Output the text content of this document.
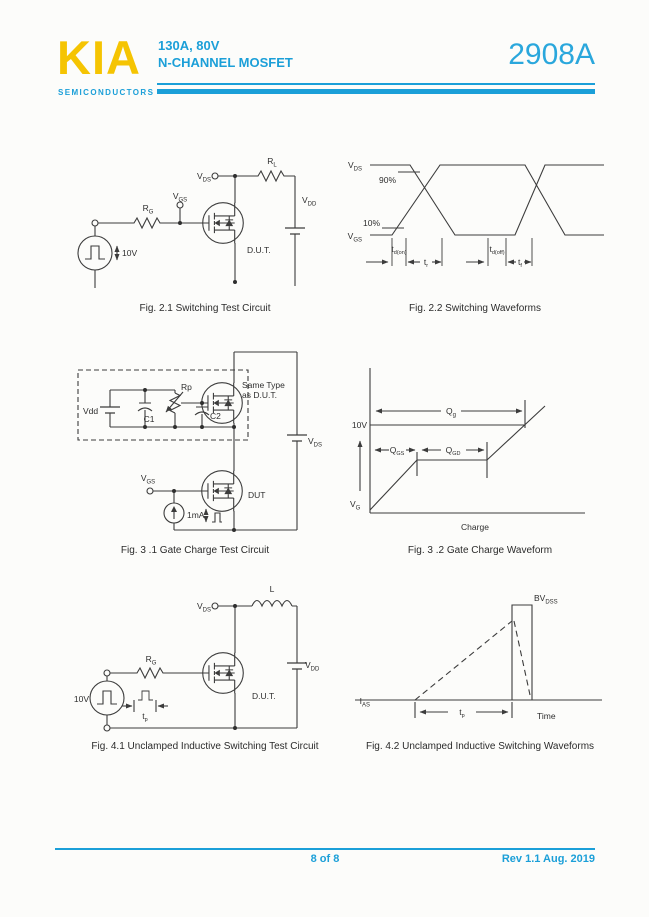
KIA
SEMICONDUCTORS
130A, 80V
N-CHANNEL MOSFET	2908A
$V_{GS}$
$V_{DS}$
$R_G$
$R_L$
$V_{DD}$
10V	D.U.T.
Fig. 2.1 Switching Test Circuit
$V_{DS}$
$V_{GS}$
90%
10%
$t_{d(on)}$
$t_r$
$t_{d(off)}$
$t_f$
Fig. 2.2 Switching Waveforms
Vdd
C1
Rp
C2
Same Type
as D.U.T.
$V_{DS}$
$V_{GS}$
DUT
1mA
Fig. 3 .1 Gate Charge Test Circuit
10V
$Q_g$
$Q_{GS}$	$Q_{GD}$
$V_G$
Charge
Fig. 3 .2 Gate Charge Waveform
10V
$R_G$
$V_{DS}$
L
$V_{DD}$
$t_p$
D.U.T.
Fig. 4.1 Unclamped Inductive Switching Test Circuit
$I_{AS}$
$BV_{DSS}$
$t_p$	Time
Fig. 4.2 Unclamped Inductive Switching Waveforms
8 of 8	Rev 1.1 Aug. 2019
